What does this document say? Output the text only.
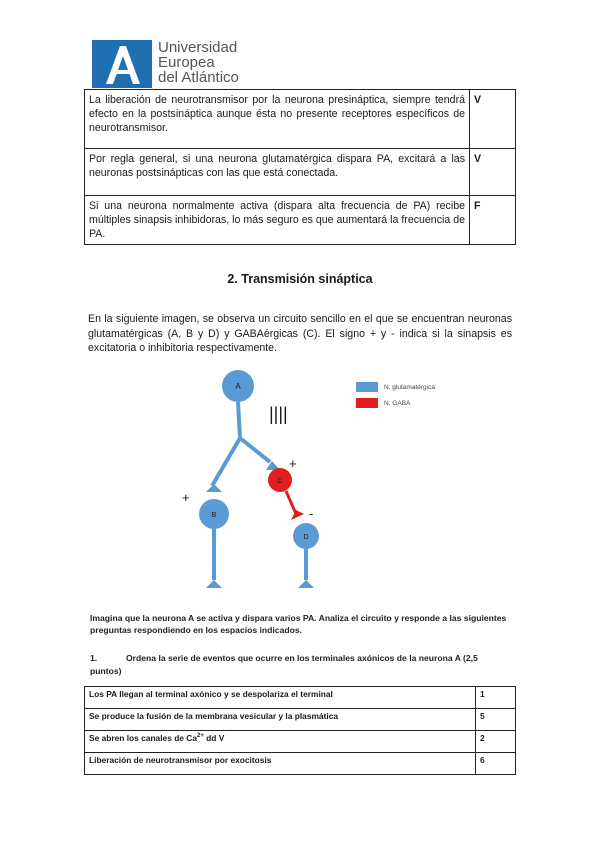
Universidad
Europea
del Atlántico
La liberación de neurotransmisor por la neurona presináptica, siempre tendrá efecto en la postsináptica aunque ésta no presente receptores específicos de neurotransmisor.	V
Por regla general, si una neurona glutamatérgica dispara PA, excitará a las neuronas postsinápticas con las que está conectada.	V
Si una neurona normalmente activa (dispara alta frecuencia de PA) recibe múltiples sinapsis inhibidoras, lo más seguro es que aumentará la frecuencia de PA.	F
2. Transmisión sináptica
En la siguiente imagen, se observa un circuito sencillo en el que se encuentran neuronas glutamatérgicas (A, B y D) y GABAérgicas (C). El signo + y - indica si la sinapsis es excitatoria o inhibitoria respectivamente.
A
||||
C
B
D
+
+
-
N. glutamatérgica
N. GABA
Imagina que la neurona A se activa y dispara varios PA. Analiza el circuito y responde a las siguientes preguntas respondiendo en los espacios indicados.
1.	Ordena la serie de eventos que ocurre en los terminales axónicos de la neurona A (2,5 puntos)
Los PA llegan al terminal axónico y se despolariza el terminal	1
Se produce la fusión de la membrana vesicular y la plasmática	5
Se abren los canales de $Ca^{2+}$ dd V	2
Liberación de neurotransmisor por exocitosis	6
